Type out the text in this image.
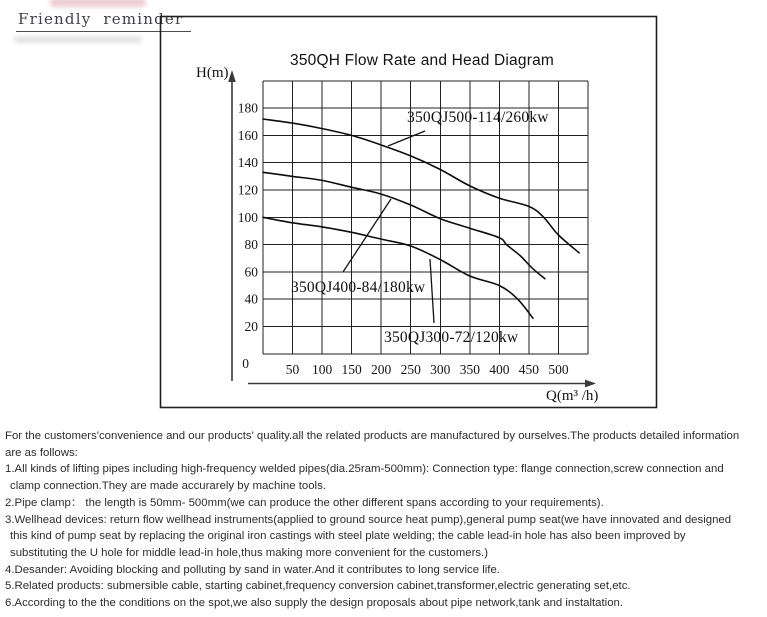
Friendly reminder
0	50 100 150 200 250 300 350 400 450 500
20
40
60
80
100
120
140
160
180
350QH Flow Rate and Head Diagram
H(m)
Q(m³ /h)
350QJ500-114/260kw
350QJ400-84/180kw
350QJ300-72/120kw
For the customers'convenience and our products' quality.all the related products are manufactured by ourselves.The products detailed information
are as follows:
1.All kinds of lifting pipes including high-frequency welded pipes(dia.25ram-500mm): Connection type: flange connection,screw connection and
clamp connection.They are made accurarely by machine tools.
2.Pipe clamp： the length is 50mm- 500mm(we can produce the other different spans according to your requirements).
3.Wellhead devices: return flow wellhead instruments(applied to ground source heat pump),general pump seat(we have innovated and designed
this kind of pump seat by replacing the original iron castings with steel plate welding; the cable lead-in hole has also been improved by
substituting the U hole for middle lead-in hole,thus making more convenient for the customers.)
4.Desander: Avoiding blocking and polluting by sand in water.And it contributes to long service life.
5.Related products: submersible cable, starting cabinet,frequency conversion cabinet,transformer,electric generating set,etc.
6.According to the the conditions on the spot,we also supply the design proposals about pipe network,tank and instaltation.
